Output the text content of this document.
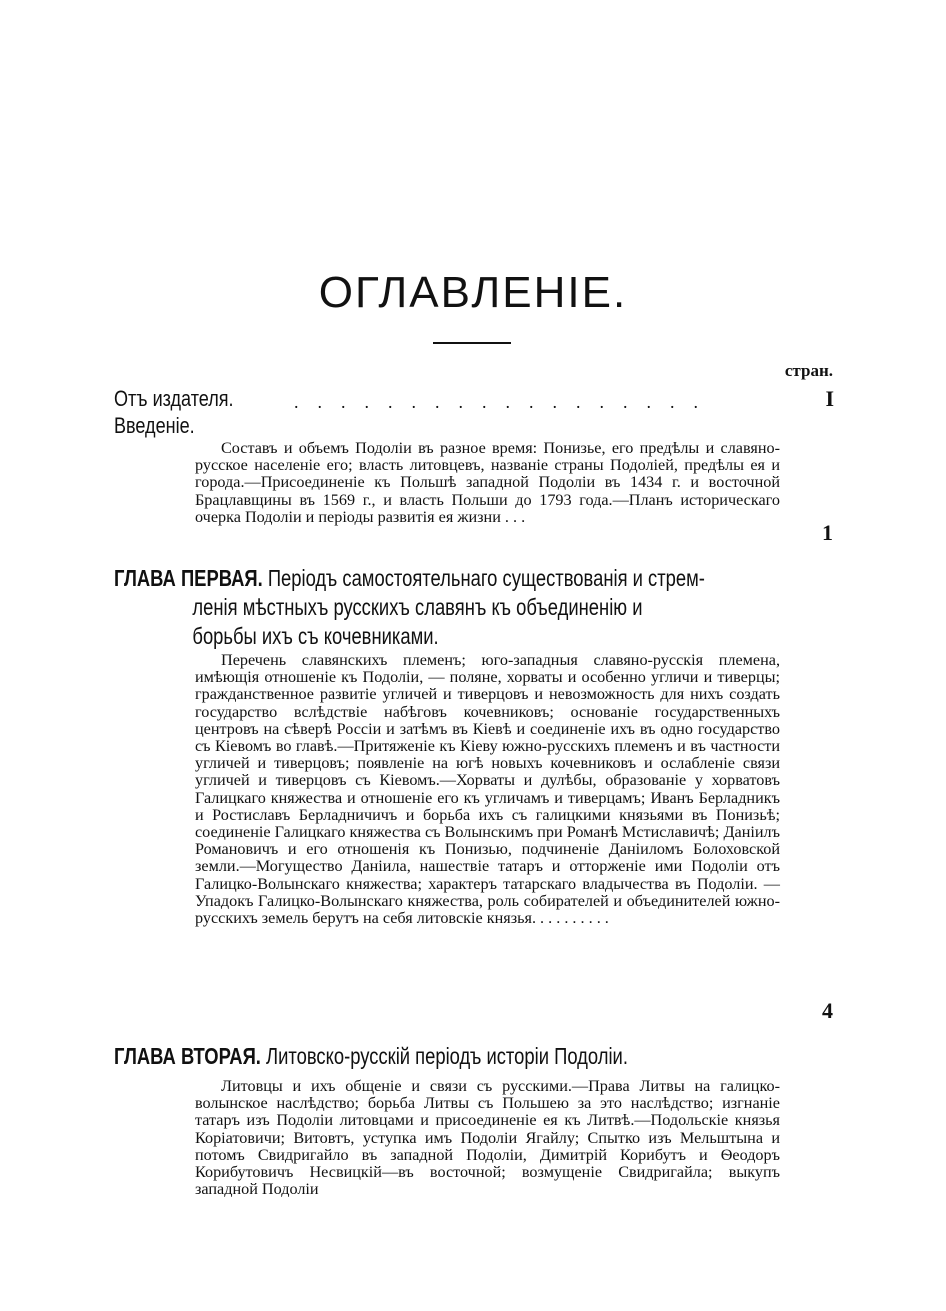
ОГЛАВЛЕНІЕ.
стран.
Отъ издателя.	..................	I
Введеніе.

Составъ и объемъ Подоліи въ разное время: Понизье, его предѣлы и славяно-русское населеніе его; власть литовцевъ, названіе страны Подоліей, предѣлы ея и города.—Присоединеніе къ Польшѣ западной Подоліи въ 1434 г. и восточной Брацлавщины въ 1569 г., и власть Польши до 1793 года.—Планъ историческаго очерка Подоліи и періоды развитія ея жизни . . .

1
ГЛАВА ПЕРВАЯ. Періодъ самостоятельнаго существованія и стрем-
ленія мѣстныхъ русскихъ славянъ къ объединенію и
борьбы ихъ съ кочевниками.

Перечень славянскихъ племенъ; юго-западныя славяно-русскія племена, имѣющія отношеніе къ Подоліи, — поляне, хорваты и особенно угличи и тиверцы; гражданственное развитіе угличей и тиверцовъ и невозможность для нихъ создать государство вслѣдствіе набѣговъ кочевниковъ; основаніе государственныхъ центровъ на сѣверѣ Россіи и затѣмъ въ Кіевѣ и соединеніе ихъ въ одно государство съ Кіевомъ во главѣ.—Притяженіе къ Кіеву южно-русскихъ племенъ и въ частности угличей и тиверцовъ; появленіе на югѣ новыхъ кочевниковъ и ослабленіе связи угличей и тиверцовъ съ Кіевомъ.—Хорваты и дулѣбы, образованіе у хорватовъ Галицкаго княжества и отношеніе его къ угличамъ и тиверцамъ; Иванъ Берладникъ и Ростиславъ Берладничичъ и борьба ихъ съ галицкими князьями въ Понизьѣ; соединеніе Галицкаго княжества съ Волынскимъ при Романѣ Мстиславичѣ; Даніилъ Романовичъ и его отношенія къ Понизью, подчиненіе Даніиломъ Болоховской земли.—Могущество Даніила, нашествіе татаръ и отторженіе ими Подоліи отъ Галицко-Волынскаго княжества; характеръ татарскаго владычества въ Подоліи. — Упадокъ Галицко-Волынскаго княжества, роль собирателей и объединителей южно-русскихъ земель берутъ на себя литовскіе князья. . . . . . . . . .

4
ГЛАВА ВТОРАЯ. Литовско-русскій періодъ исторіи Подоліи.

Литовцы и ихъ общеніе и связи съ русскими.—Права Литвы на галицко-волынское наслѣдство; борьба Литвы съ Польшею за это наслѣдство; изгнаніе татаръ изъ Подоліи литовцами и присоединеніе ея къ Литвѣ.—Подольскіе князья Коріатовичи; Витовтъ, уступка имъ Подоліи Ягайлу; Спытко изъ Мельштына и потомъ Свидригайло въ западной Подоліи, Димитрій Корибутъ и Ѳеодоръ Корибутовичъ Несвицкій—въ восточной; возмущеніе Свидригайла; выкупъ западной Подоліи
